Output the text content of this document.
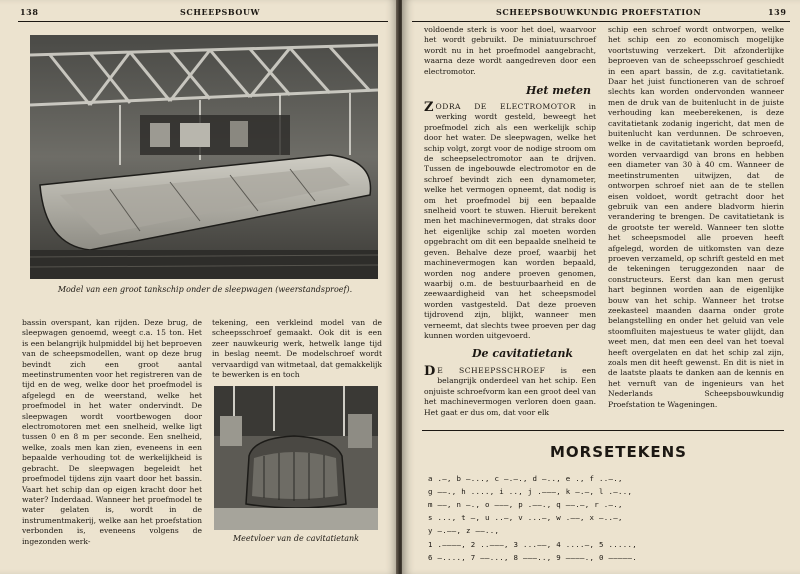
138	SCHEEPSBOUW
Model van een groot tankschip onder de sleepwagen (weerstandsproef).
bassin overspant, kan rijden. Deze brug, de sleepwagen genoemd, weegt c.a. 15 ton. Het is een belangrijk hulpmiddel bij het beproeven van de scheepsmodellen, want op deze brug bevindt zich een groot aantal meetinstrumenten voor het registreren van de tijd en de weg, welke door het proefmodel is afgelegd en de weerstand, welke het proefmodel in het water ondervindt. De sleepwagen wordt voortbewogen door electromotoren met een snelheid, welke ligt tussen 0 en 8 m per seconde. Een snelheid, welke, zoals men kan zien, eveneens in een bepaalde verhouding tot de werkelijkheid is gebracht. De sleepwagen begeleidt het proefmodel tijdens zijn vaart door het bassin. Vaart het schip dan op eigen kracht door het water? Inderdaad. Wanneer het proefmodel te water gelaten is, wordt in de instrumentmakerij, welke aan het proefstation verbonden is, eveneens volgens de ingezonden werk-
tekening, een verkleind model van de scheepsschroef gemaakt. Ook dit is een zeer nauwkeurig werk, hetwelk lange tijd in beslag neemt. De modelschroef wordt vervaardigd van witmetaal, dat gemakkelijk te bewerken is en toch
Meetvloer van de cavitatietank
SCHEEPSBOUWKUNDIG PROEFSTATION	139
voldoende sterk is voor het doel, waarvoor het wordt gebruikt. De miniatuurschroef wordt nu in het proefmodel aangebracht, waarna deze wordt aangedreven door een electromotor.
Het meten
ZODRA DE ELECTROMOTOR in werking wordt gesteld, beweegt het proefmodel zich als een werkelijk schip door het water. De sleepwagen, welke het schip volgt, zorgt voor de nodige stroom om de scheepselectromotor aan te drijven. Tussen de ingebouwde electromotor en de schroef bevindt zich een dynamometer, welke het vermogen opneemt, dat nodig is om het proefmodel bij een bepaalde snelheid voort te stuwen. Hieruit berekent men het machinevermogen, dat straks door het eigenlijke schip zal moeten worden opgebracht om dit een bepaalde snelheid te geven. Behalve deze proef, waarbij het machinevermogen kan worden bepaald, worden nog andere proeven genomen, waarbij o.m. de bestuurbaarheid en de zeewaardigheid van het scheepsmodel worden vastgesteld. Dat deze proeven tijdrovend zijn, blijkt, wanneer men verneemt, dat slechts twee proeven per dag kunnen worden uitgevoerd.
De cavitatietank
D E SCHEEPSSCHROEF is een belangrijk onderdeel van het schip. Een onjuiste schroefvorm kan een groot deel van het machinevermogen verloren doen gaan. Het gaat er dus om, dat voor elk
schip een schroef wordt ontworpen, welke het schip een zo economisch mogelijke voortstuwing verzekert. Dit afzonderlijke beproeven van de scheepsschroef geschiedt in een apart bassin, de z.g. cavitatietank. Daar het juist functioneren van de schroef slechts kan worden ondervonden wanneer men de druk van de buitenlucht in de juiste verhouding kan meeberekenen, is deze cavitatietank zodanig ingericht, dat men de buitenlucht kan verdunnen. De schroeven, welke in de cavitatietank worden beproefd, worden vervaardigd van brons en hebben een diameter van 30 à 40 cm. Wanneer de meetinstrumenten uitwijzen, dat de ontworpen schroef niet aan de te stellen eisen voldoet, wordt getracht door het gebruik van een andere bladvorm hierin verandering te brengen. De cavitatietank is de grootste ter wereld. Wanneer ten slotte het scheepsmodel alle proeven heeft afgelegd, worden de uitkomsten van deze proeven verzameld, op schrift gesteld en met de tekeningen teruggezonden naar de constructeurs. Eerst dan kan men gerust hart beginnen worden aan de eigenlijke bouw van het schip. Wanneer het trotse zeekasteel maanden daarna onder grote belangstelling en onder het geluid van vele stoomfluiten majestueus te water glijdt, dan weet men, dat men een deel van het toeval heeft overgelaten en dat het schip zal zijn, zoals men dit heeft gewenst. En dit is niet in de laatste plaats te danken aan de kennis en het vernuft van de ingenieurs van het Nederlands Scheepsbouwkundig Proefstation te Wageningen.
MORSETEKENS
a .—, b —..., c —.—., d —.., e ., f ..—.,
g ——., h ...., i .., j .———, k —.—, l .—..,
m ——, n —., o ———, p .——., q ——.—, r .—.,
s ..., t —, u ..—, v ...—, w .——, x —..—,
y —.——, z ——..,
1 .————, 2 ..———, 3 ...——, 4 ....—, 5 .....,
6 —...., 7 ——..., 8 ———.., 9 ————., 0 —————.
